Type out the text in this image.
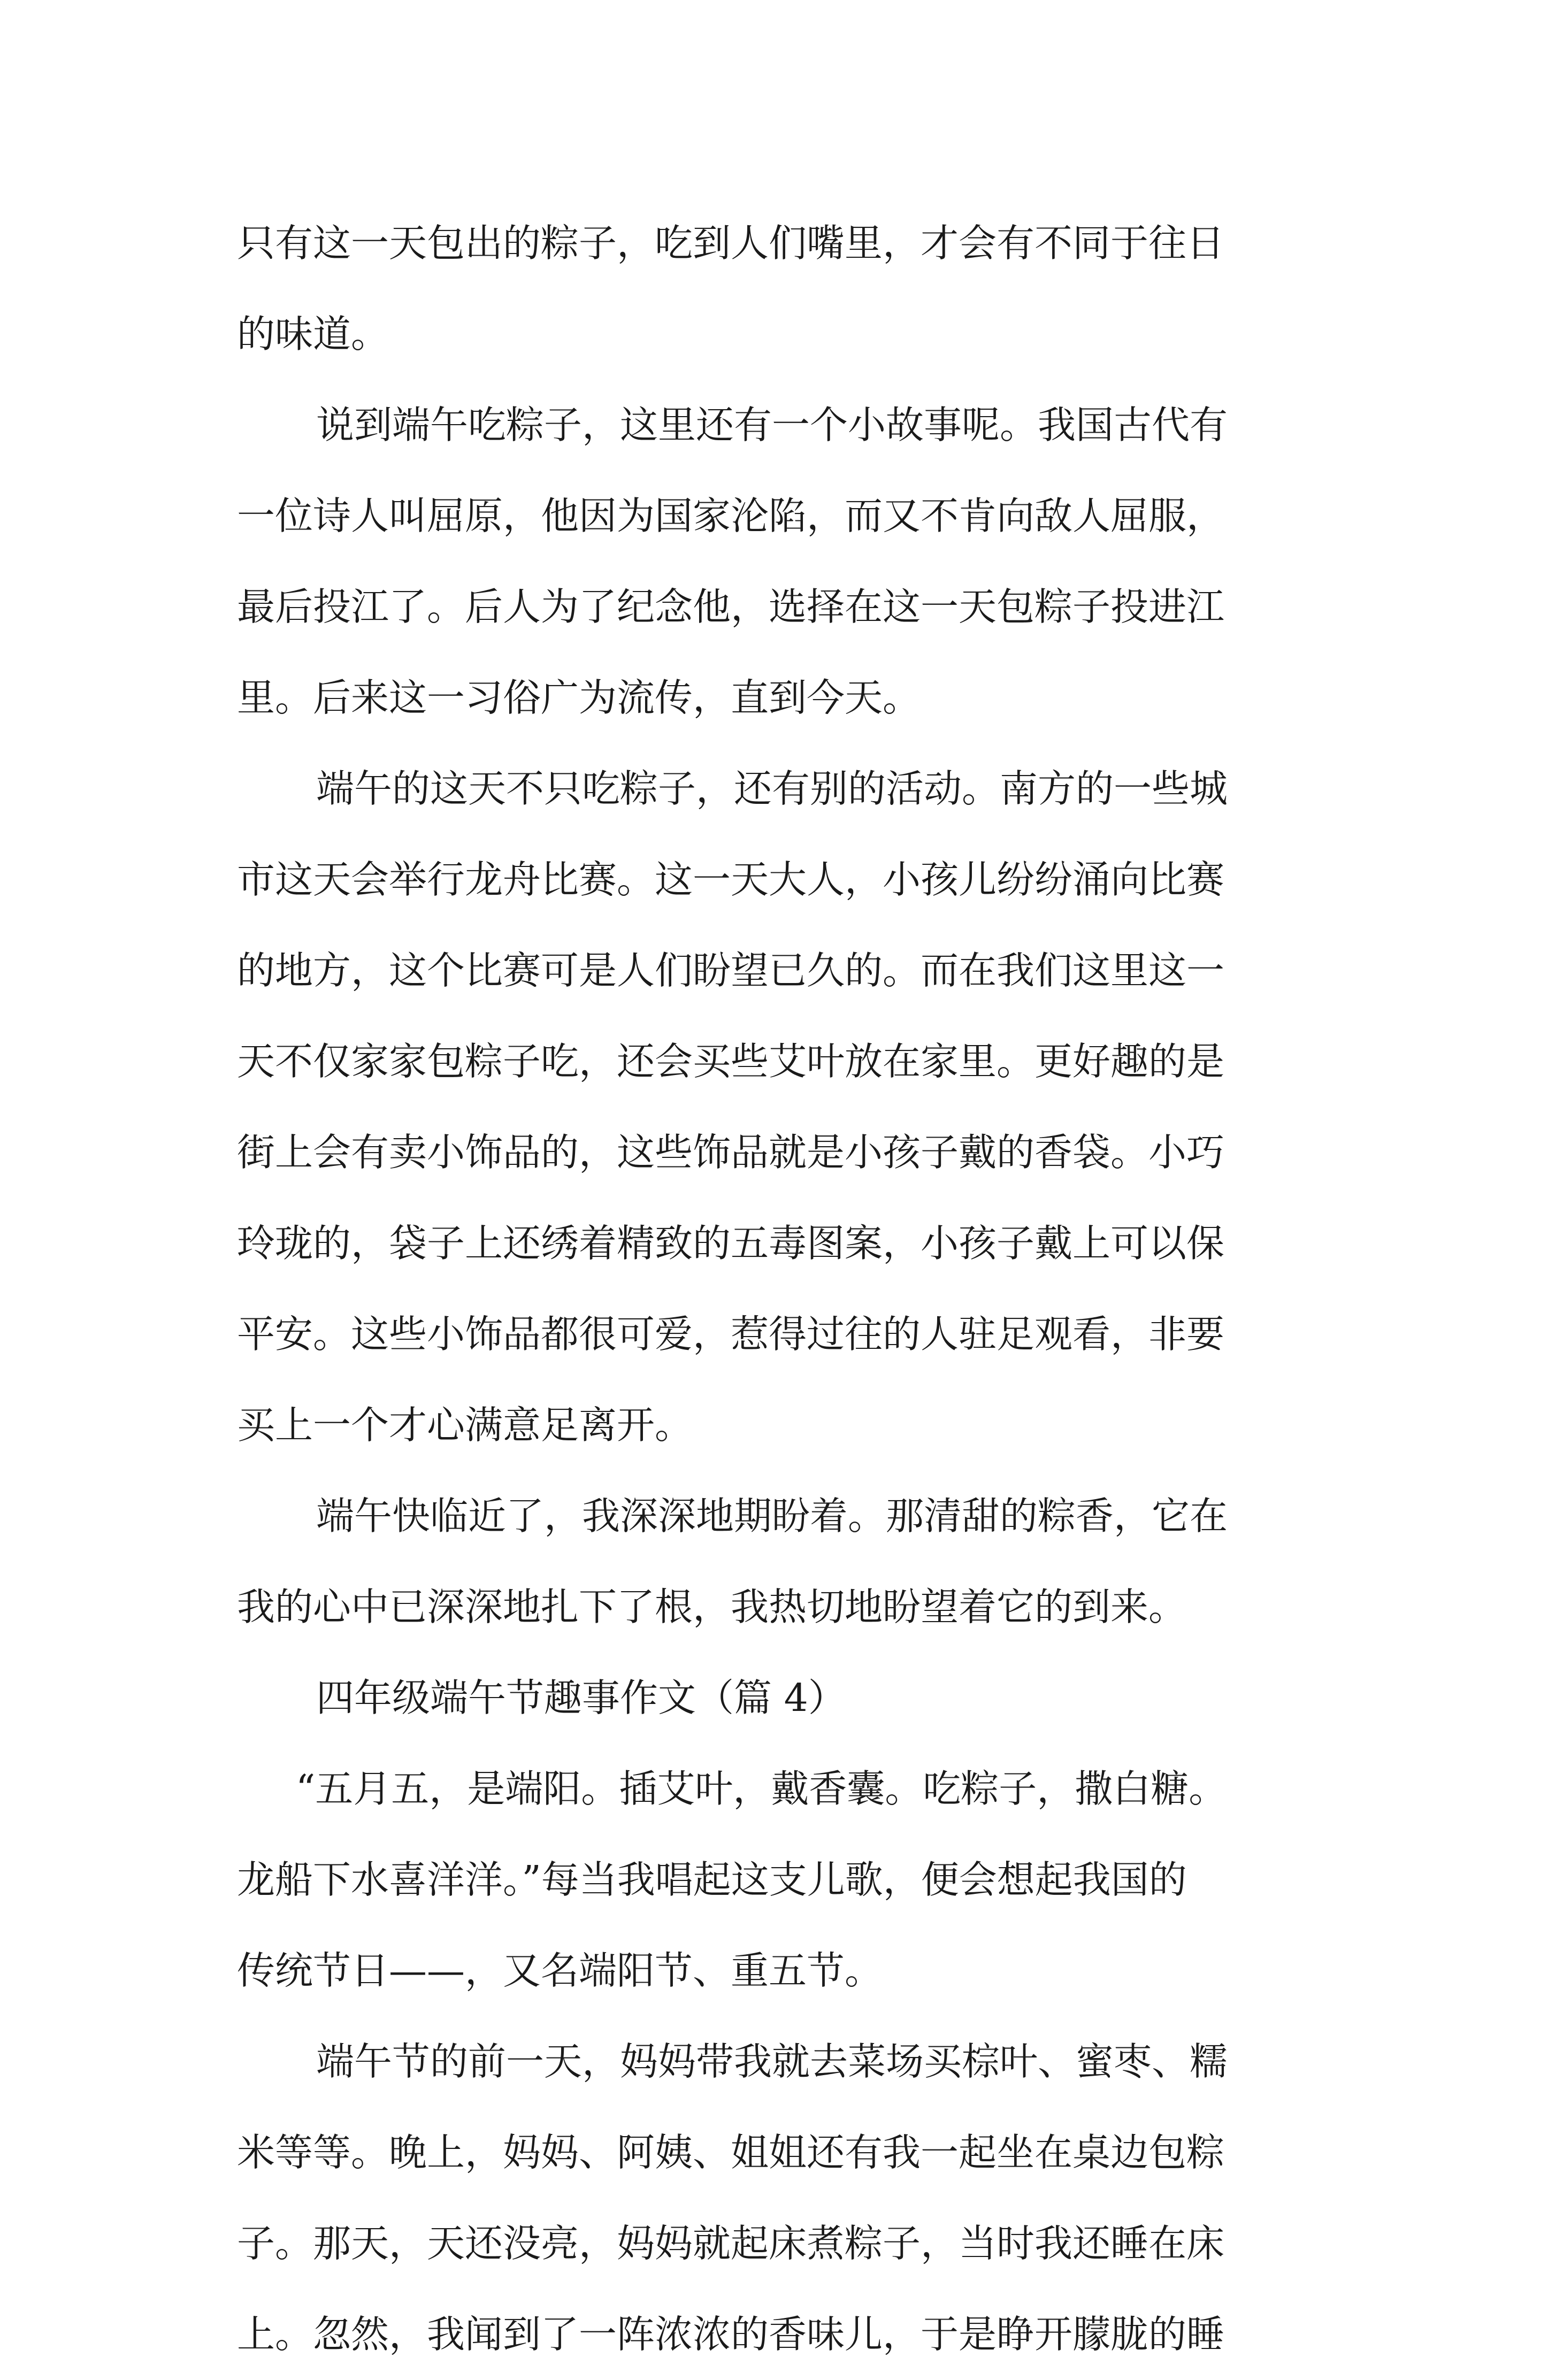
只有这一天包出的粽子，吃到人们嘴里，才会有不同于往日
的味道。
说到端午吃粽子，这里还有一个小故事呢。我国古代有
一位诗人叫屈原，他因为国家沦陷，而又不肯向敌人屈服，
最后投江了。后人为了纪念他，选择在这一天包粽子投进江
里。后来这一习俗广为流传，直到今天。
端午的这天不只吃粽子，还有别的活动。南方的一些城
市这天会举行龙舟比赛。这一天大人，小孩儿纷纷涌向比赛
的地方，这个比赛可是人们盼望已久的。而在我们这里这一
天不仅家家包粽子吃，还会买些艾叶放在家里。更好趣的是
街上会有卖小饰品的，这些饰品就是小孩子戴的香袋。小巧
玲珑的，袋子上还绣着精致的五毒图案，小孩子戴上可以保
平安。这些小饰品都很可爱，惹得过往的人驻足观看，非要
买上一个才心满意足离开。
端午快临近了，我深深地期盼着。那清甜的粽香，它在
我的心中已深深地扎下了根，我热切地盼望着它的到来。
四年级端午节趣事作文（篇 4）
“五月五，是端阳。插艾叶，戴香囊。吃粽子，撒白糖。
龙船下水喜洋洋。”每当我唱起这支儿歌，便会想起我国的
传统节日——，又名端阳节、重五节。
端午节的前一天，妈妈带我就去菜场买棕叶、蜜枣、糯
米等等。晚上，妈妈、阿姨、姐姐还有我一起坐在桌边包粽
子。那天，天还没亮，妈妈就起床煮粽子，当时我还睡在床
上。忽然，我闻到了一阵浓浓的香味儿，于是睁开朦胧的睡
